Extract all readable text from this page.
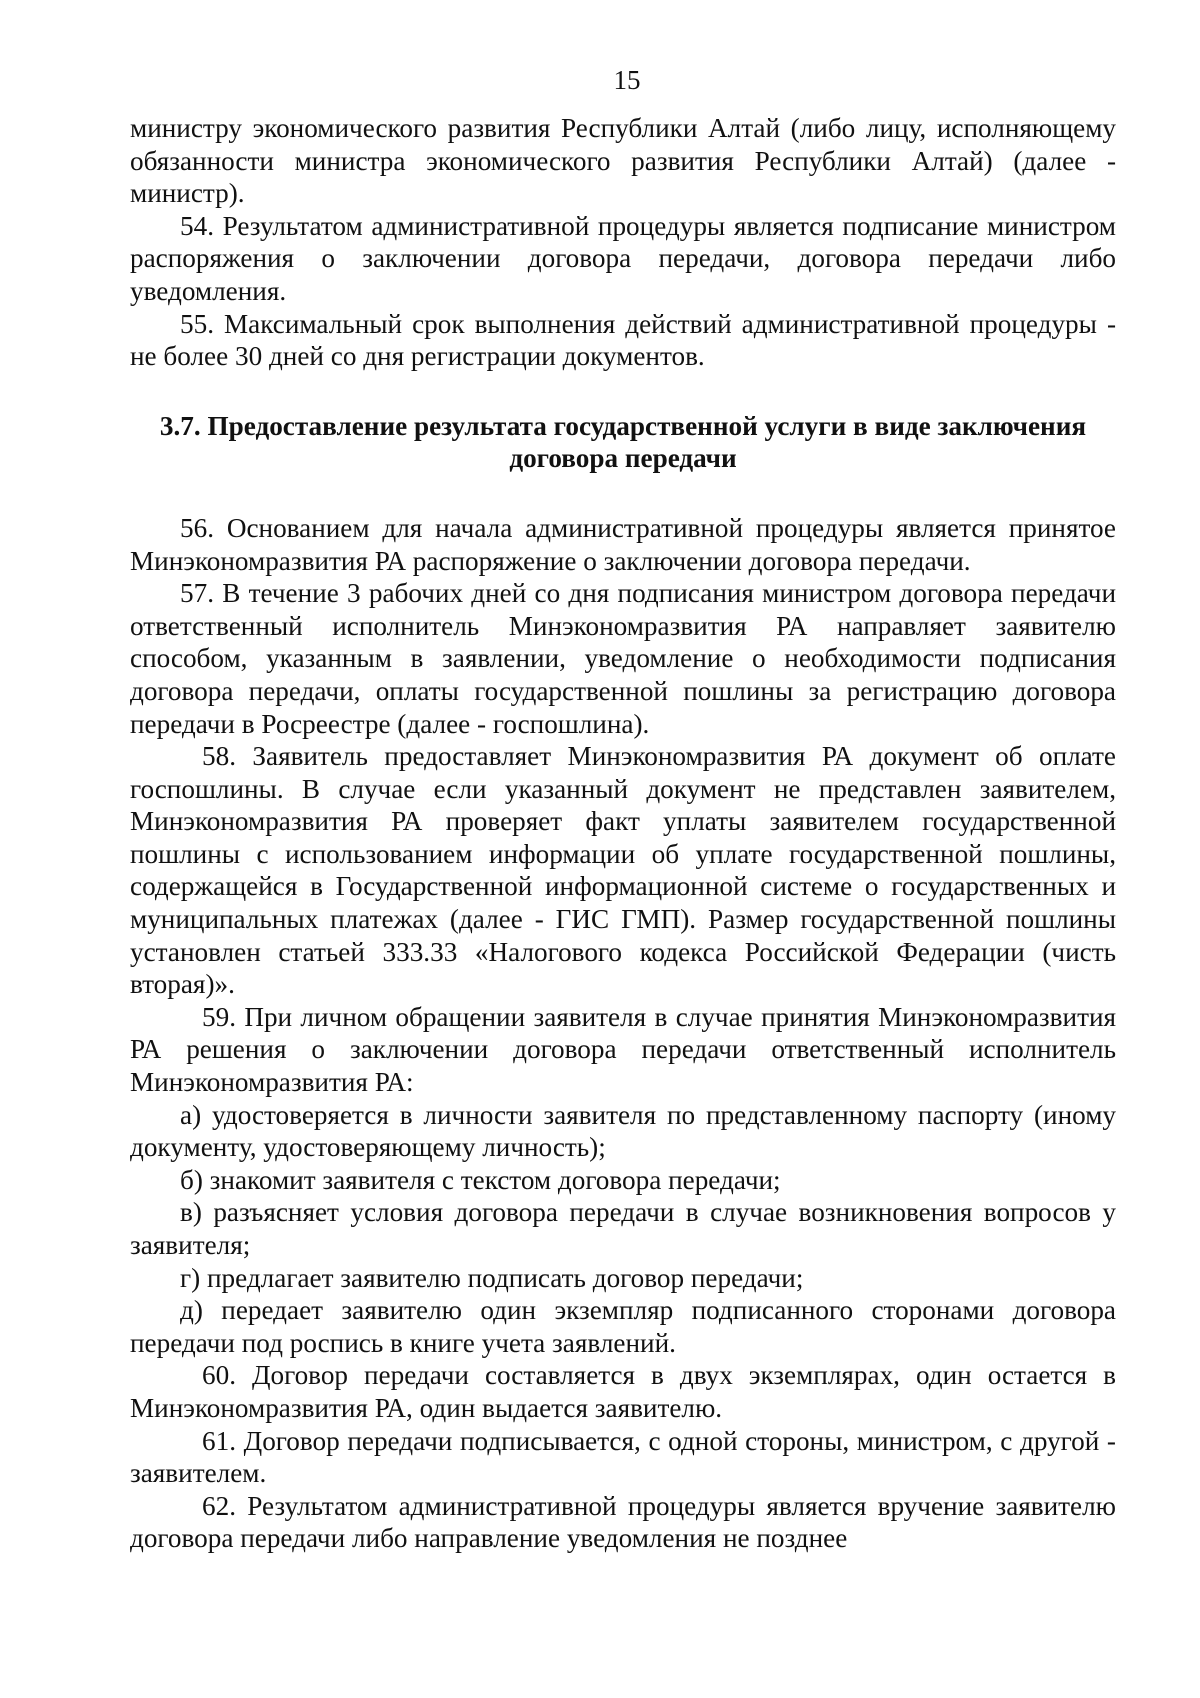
15

министру экономического развития Республики Алтай (либо лицу, исполняющему обязанности министра экономического развития Республики Алтай) (далее - министр).

54. Результатом административной процедуры является подписание министром распоряжения о заключении договора передачи, договора передачи либо уведомления.

55. Максимальный срок выполнения действий административной процедуры - не более 30 дней со дня регистрации документов.

3.7. Предоставление результата государственной услуги в виде заключения договора передачи

56. Основанием для начала административной процедуры является принятое Минэкономразвития РА распоряжение о заключении договора передачи.

57. В течение 3 рабочих дней со дня подписания министром договора передачи ответственный исполнитель Минэкономразвития РА направляет заявителю способом, указанным в заявлении, уведомление о необходимости подписания договора передачи, оплаты государственной пошлины за регистрацию договора передачи в Росреестре (далее - госпошлина).

58. Заявитель предоставляет Минэкономразвития РА документ об оплате госпошлины. В случае если указанный документ не представлен заявителем, Минэкономразвития РА проверяет факт уплаты заявителем государственной пошлины с использованием информации об уплате государственной пошлины, содержащейся в Государственной информационной системе о государственных и муниципальных платежах (далее - ГИС ГМП). Размер государственной пошлины установлен статьей 333.33 «Налогового кодекса Российской Федерации (чисть вторая)».

59. При личном обращении заявителя в случае принятия Минэкономразвития РА решения о заключении договора передачи ответственный исполнитель Минэкономразвития РА:

а) удостоверяется в личности заявителя по представленному паспорту (иному документу, удостоверяющему личность);

б) знакомит заявителя с текстом договора передачи;

в) разъясняет условия договора передачи в случае возникновения вопросов у заявителя;

г) предлагает заявителю подписать договор передачи;

д) передает заявителю один экземпляр подписанного сторонами договора передачи под роспись в книге учета заявлений.

60. Договор передачи составляется в двух экземплярах, один остается в Минэкономразвития РА, один выдается заявителю.

61. Договор передачи подписывается, с одной стороны, министром, с другой - заявителем.

62. Результатом административной процедуры является вручение заявителю договора передачи либо направление уведомления не позднее
